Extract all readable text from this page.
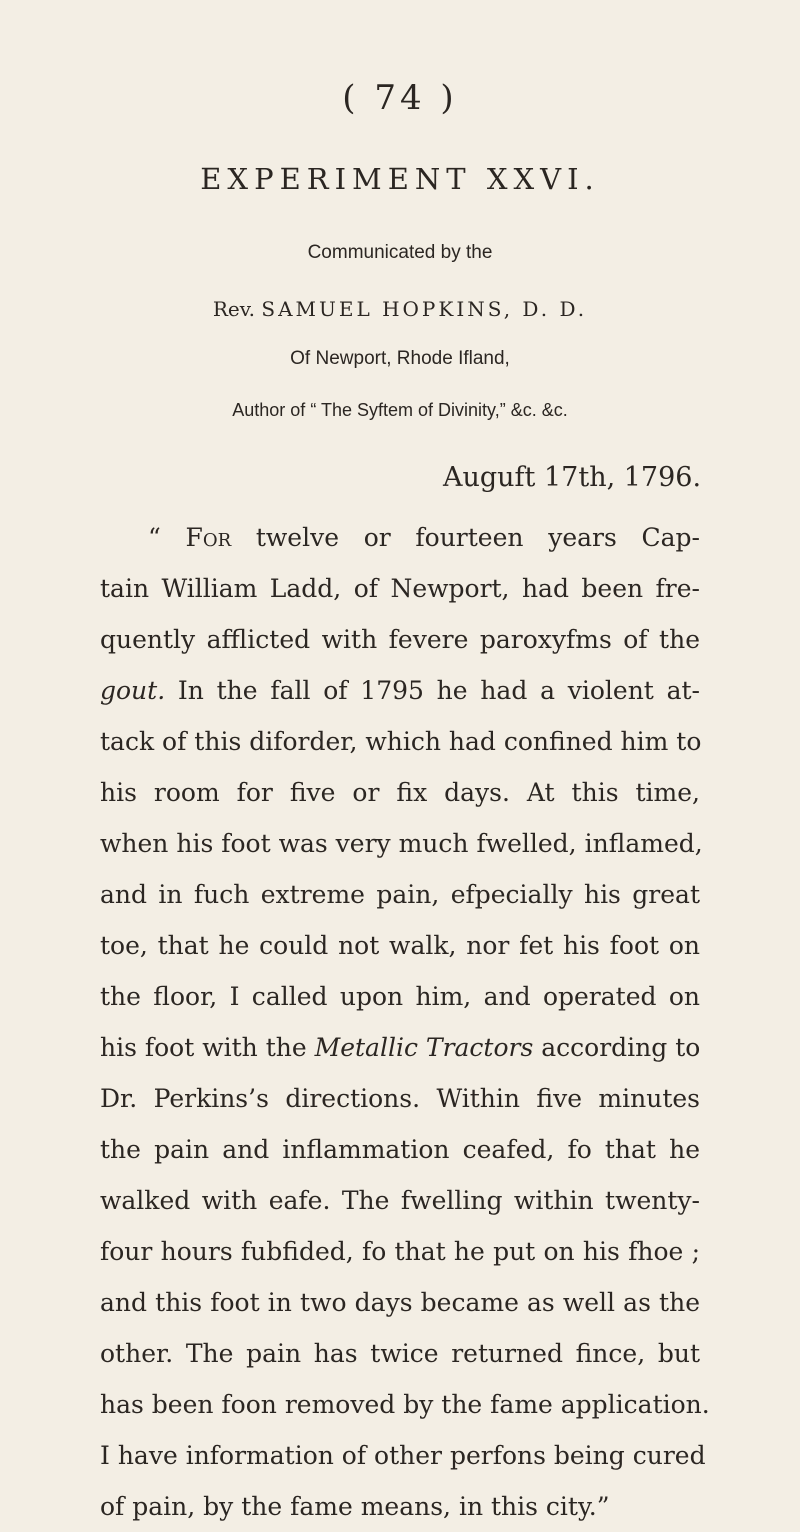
( 74 )
EXPERIMENT XXVI.
Communicated by the
Rev. SAMUEL HOPKINS, D. D.
Of Newport, Rhode Ifland,
Author of “ The Syftem of Divinity,” &c. &c.
Auguft 17th, 1796.
“ For twelve or fourteen years Cap-
tain William Ladd, of Newport, had been fre-
quently afflicted with fevere paroxyfms of the
gout. In the fall of 1795 he had a violent at-
tack of this diforder, which had confined him to
his room for five or fix days. At this time,
when his foot was very much fwelled, inflamed,
and in fuch extreme pain, efpecially his great
toe, that he could not walk, nor fet his foot on
the floor, I called upon him, and operated on
his foot with the Metallic Tractors according to
Dr. Perkins’s directions. Within five minutes
the pain and inflammation ceafed, fo that he
walked with eafe. The fwelling within twenty-
four hours fubfided, fo that he put on his fhoe ;
and this foot in two days became as well as the
other. The pain has twice returned fince, but
has been foon removed by the fame application.
I have information of other perfons being cured
of pain, by the fame means, in this city.”
